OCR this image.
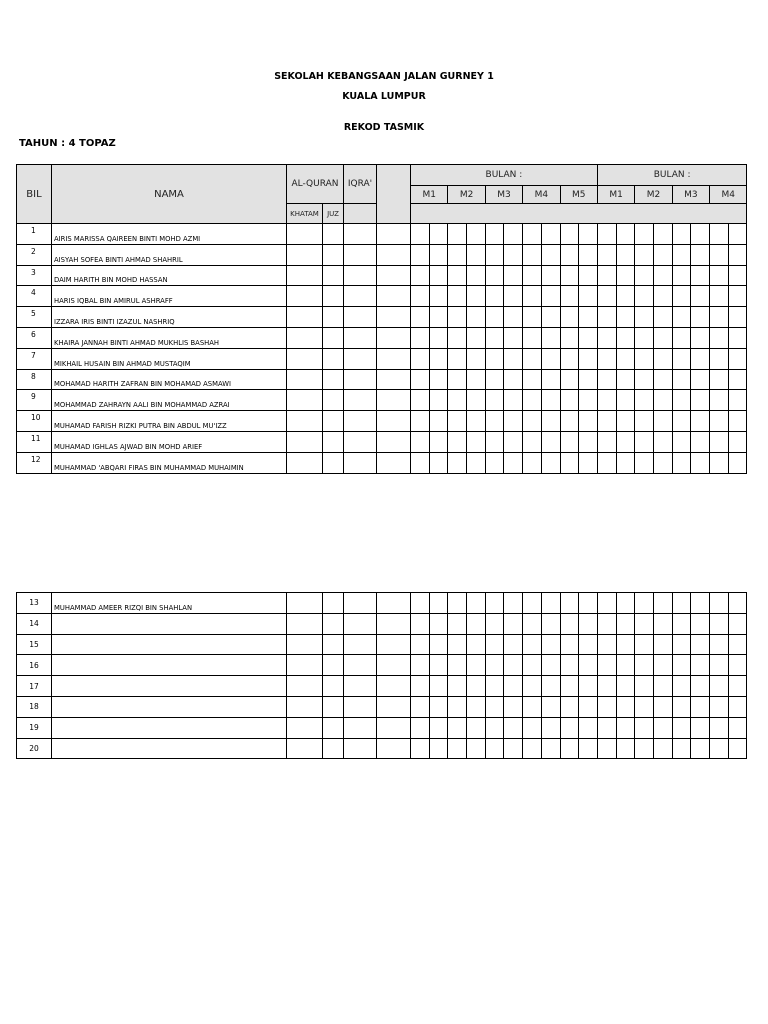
SEKOLAH KEBANGSAAN JALAN GURNEY 1
KUALA LUMPUR
REKOD TASMIK
TAHUN : 4 TOPAZ
BIL	NAMA	AL-QURAN		IQRA'		BULAN :										BULAN :							
						M1		M2		M3		M4		M5		M1		M2		M3		M4	
		KHATAM	JUZ																				
1	AIRIS MARISSA QAIREEN BINTI MOHD AZMI																						
2	AISYAH SOFEA BINTI AHMAD SHAHRIL																						
3	DAIM HARITH BIN MOHD HASSAN																						
4	HARIS IQBAL BIN AMIRUL ASHRAFF																						
5	IZZARA IRIS BINTI IZAZUL NASHRIQ																						
6	KHAIRA JANNAH BINTI AHMAD MUKHLIS BASHAH																						
7	MIKHAIL HUSAIN BIN AHMAD MUSTAQIM																						
8	MOHAMAD HARITH ZAFRAN BIN MOHAMAD ASMAWI																						
9	MOHAMMAD ZAHRAYN AALI BIN MOHAMMAD AZRAI																						
10	MUHAMAD FARISH RIZKI PUTRA BIN ABDUL MU'IZZ																						
11	MUHAMAD IGHLAS AJWAD BIN MOHD ARIEF																						
12	MUHAMMAD 'ABQARI FIRAS BIN MUHAMMAD MUHAIMIN																						
13	MUHAMMAD AMEER RIZQI BIN SHAHLAN																						
14																							
15																							
16																							
17																							
18																							
19																							
20																							
